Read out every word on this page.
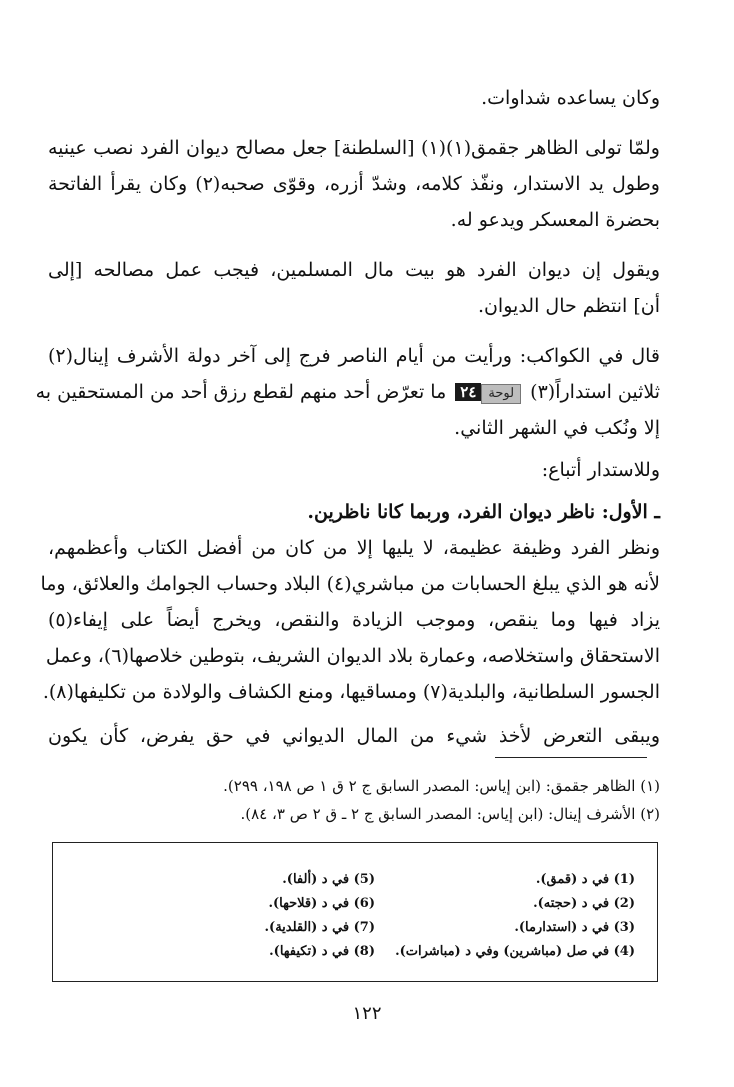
وكان يساعده شداوات.
ولمّا تولى الظاهر جقمق(١)(١) [السلطنة] جعل مصالح ديوان الفرد نصب عينيه
وطول يد الاستدار، ونفّذ كلامه، وشدّ أزره، وقوّى صحبه(٢) وكان يقرأ الفاتحة
بحضرة المعسكر ويدعو له.
ويقول إن ديوان الفرد هو بيت مال المسلمين، فيجب عمل مصالحه [إلى
أن] انتظم حال الديوان.
قال في الكواكب: ورأيت من أيام الناصر فرج إلى آخر دولة الأشرف إينال(٢)
ثلاثين استداراً(٣) لوحة٢٤ ما تعرّض أحد منهم لقطع رزق أحد من المستحقين به
إلا ونُكب في الشهر الثاني.
وللاستدار أتباع:
ـ الأول: ناظر ديوان الفرد، وربما كانا ناظرين.
ونظر الفرد وظيفة عظيمة، لا يليها إلا من كان من أفضل الكتاب وأعظمهم،
لأنه هو الذي يبلغ الحسابات من مباشري(٤) البلاد وحساب الجوامك والعلائق، وما
يزاد فيها وما ينقص، وموجب الزيادة والنقص، ويخرج أيضاً على إيفاء(٥)
الاستحقاق واستخلاصه، وعمارة بلاد الديوان الشريف، بتوطين خلاصها(٦)، وعمل
الجسور السلطانية، والبلدية(٧) ومساقيها، ومنع الكشاف والولادة من تكليفها(٨).
ويبقى التعرض لأخذ شيء من المال الديواني في حق يفرض، كأن يكون
(١) الظاهر جقمق: (ابن إياس: المصدر السابق ج ٢ ق ١ ص ١٩٨، ٢٩٩).
(٢) الأشرف إينال: (ابن إياس: المصدر السابق ج ٢ ـ ق ٢ ص ٣، ٨٤).
(1) في د (قمق).
(2) في د (حجته).
(3) في د (استدارما).
(4) في صل (مباشرين) وفي د (مباشرات).
(5) في د (ألفا).
(6) في د (قلاحها).
(7) في د (القلدية).
(8) في د (تكيفها).
١٢٢
